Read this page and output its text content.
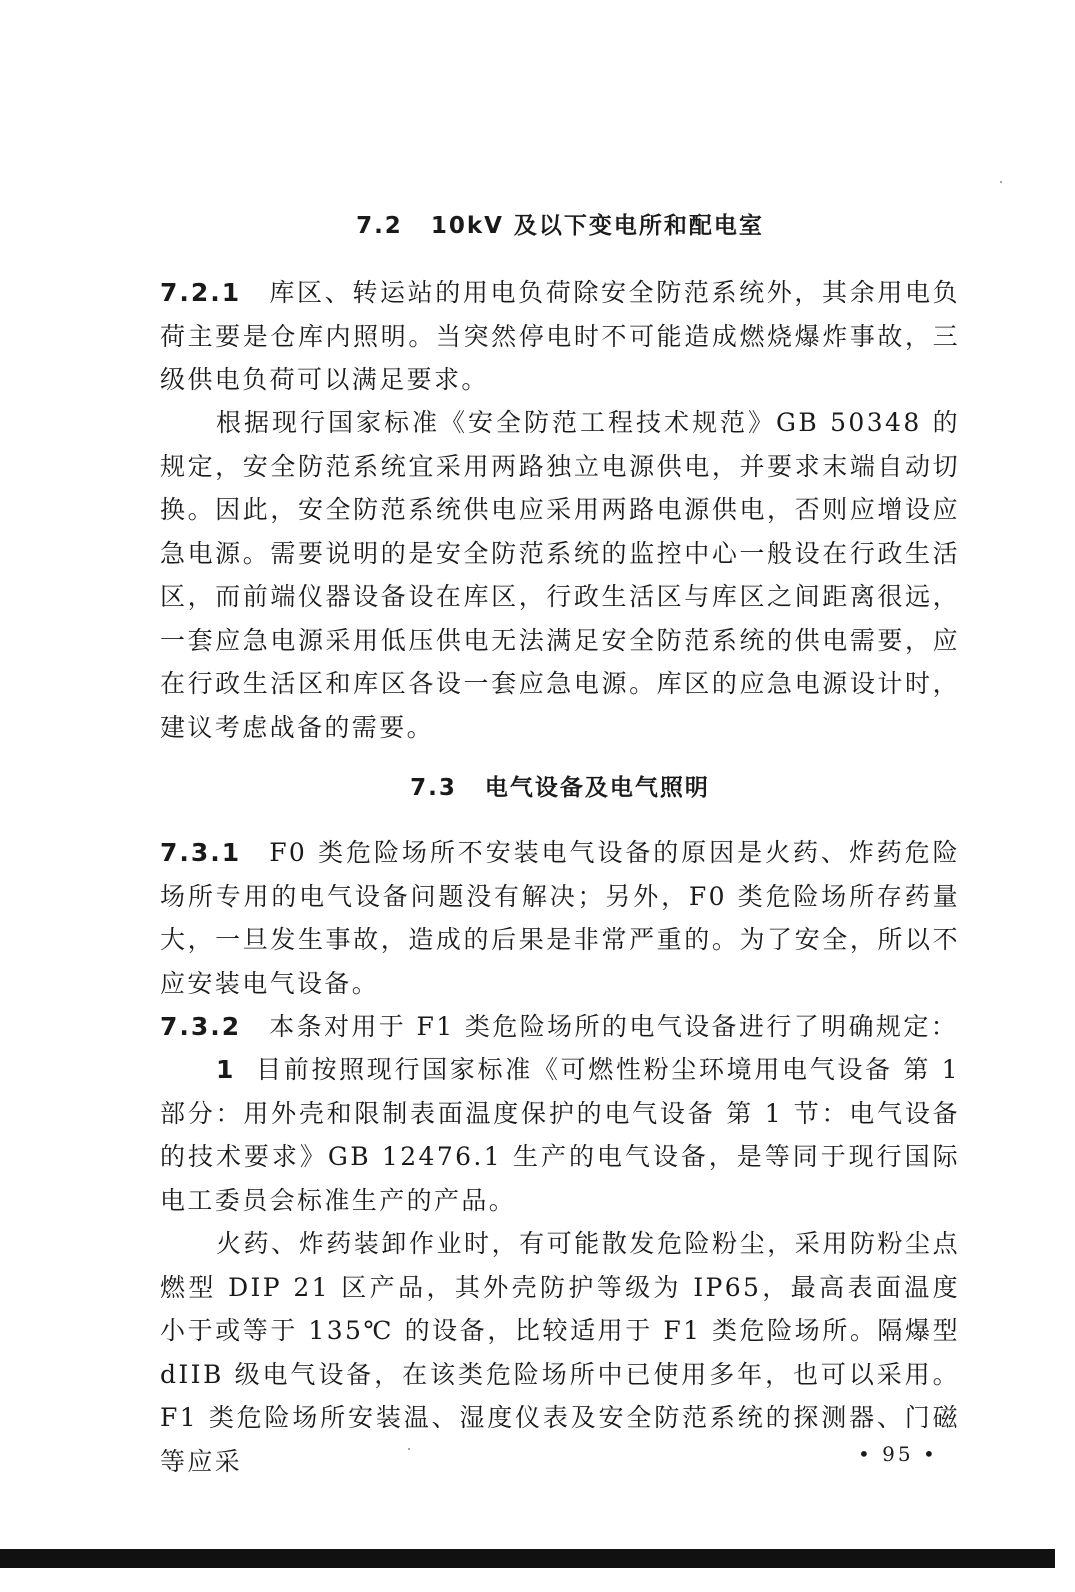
7.2 10kV 及以下变电所和配电室

7.2.1 库区、转运站的用电负荷除安全防范系统外，其余用电负荷主要是仓库内照明。当突然停电时不可能造成燃烧爆炸事故，三级供电负荷可以满足要求。

根据现行国家标准《安全防范工程技术规范》GB 50348 的规定，安全防范系统宜采用两路独立电源供电，并要求末端自动切换。因此，安全防范系统供电应采用两路电源供电，否则应增设应急电源。需要说明的是安全防范系统的监控中心一般设在行政生活区，而前端仪器设备设在库区，行政生活区与库区之间距离很远，一套应急电源采用低压供电无法满足安全防范系统的供电需要，应在行政生活区和库区各设一套应急电源。库区的应急电源设计时，建议考虑战备的需要。

7.3 电气设备及电气照明

7.3.1 F0 类危险场所不安装电气设备的原因是火药、炸药危险场所专用的电气设备问题没有解决；另外，F0 类危险场所存药量大，一旦发生事故，造成的后果是非常严重的。为了安全，所以不应安装电气设备。

7.3.2 本条对用于 F1 类危险场所的电气设备进行了明确规定：

1 目前按照现行国家标准《可燃性粉尘环境用电气设备 第 1 部分：用外壳和限制表面温度保护的电气设备 第 1 节：电气设备的技术要求》GB 12476.1 生产的电气设备，是等同于现行国际电工委员会标准生产的产品。

火药、炸药装卸作业时，有可能散发危险粉尘，采用防粉尘点燃型 DIP 21 区产品，其外壳防护等级为 IP65，最高表面温度小于或等于 135℃ 的设备，比较适用于 F1 类危险场所。隔爆型 dIIB 级电气设备，在该类危险场所中已使用多年，也可以采用。F1 类危险场所安装温、湿度仪表及安全防范系统的探测器、门磁等应采	• 95 •
